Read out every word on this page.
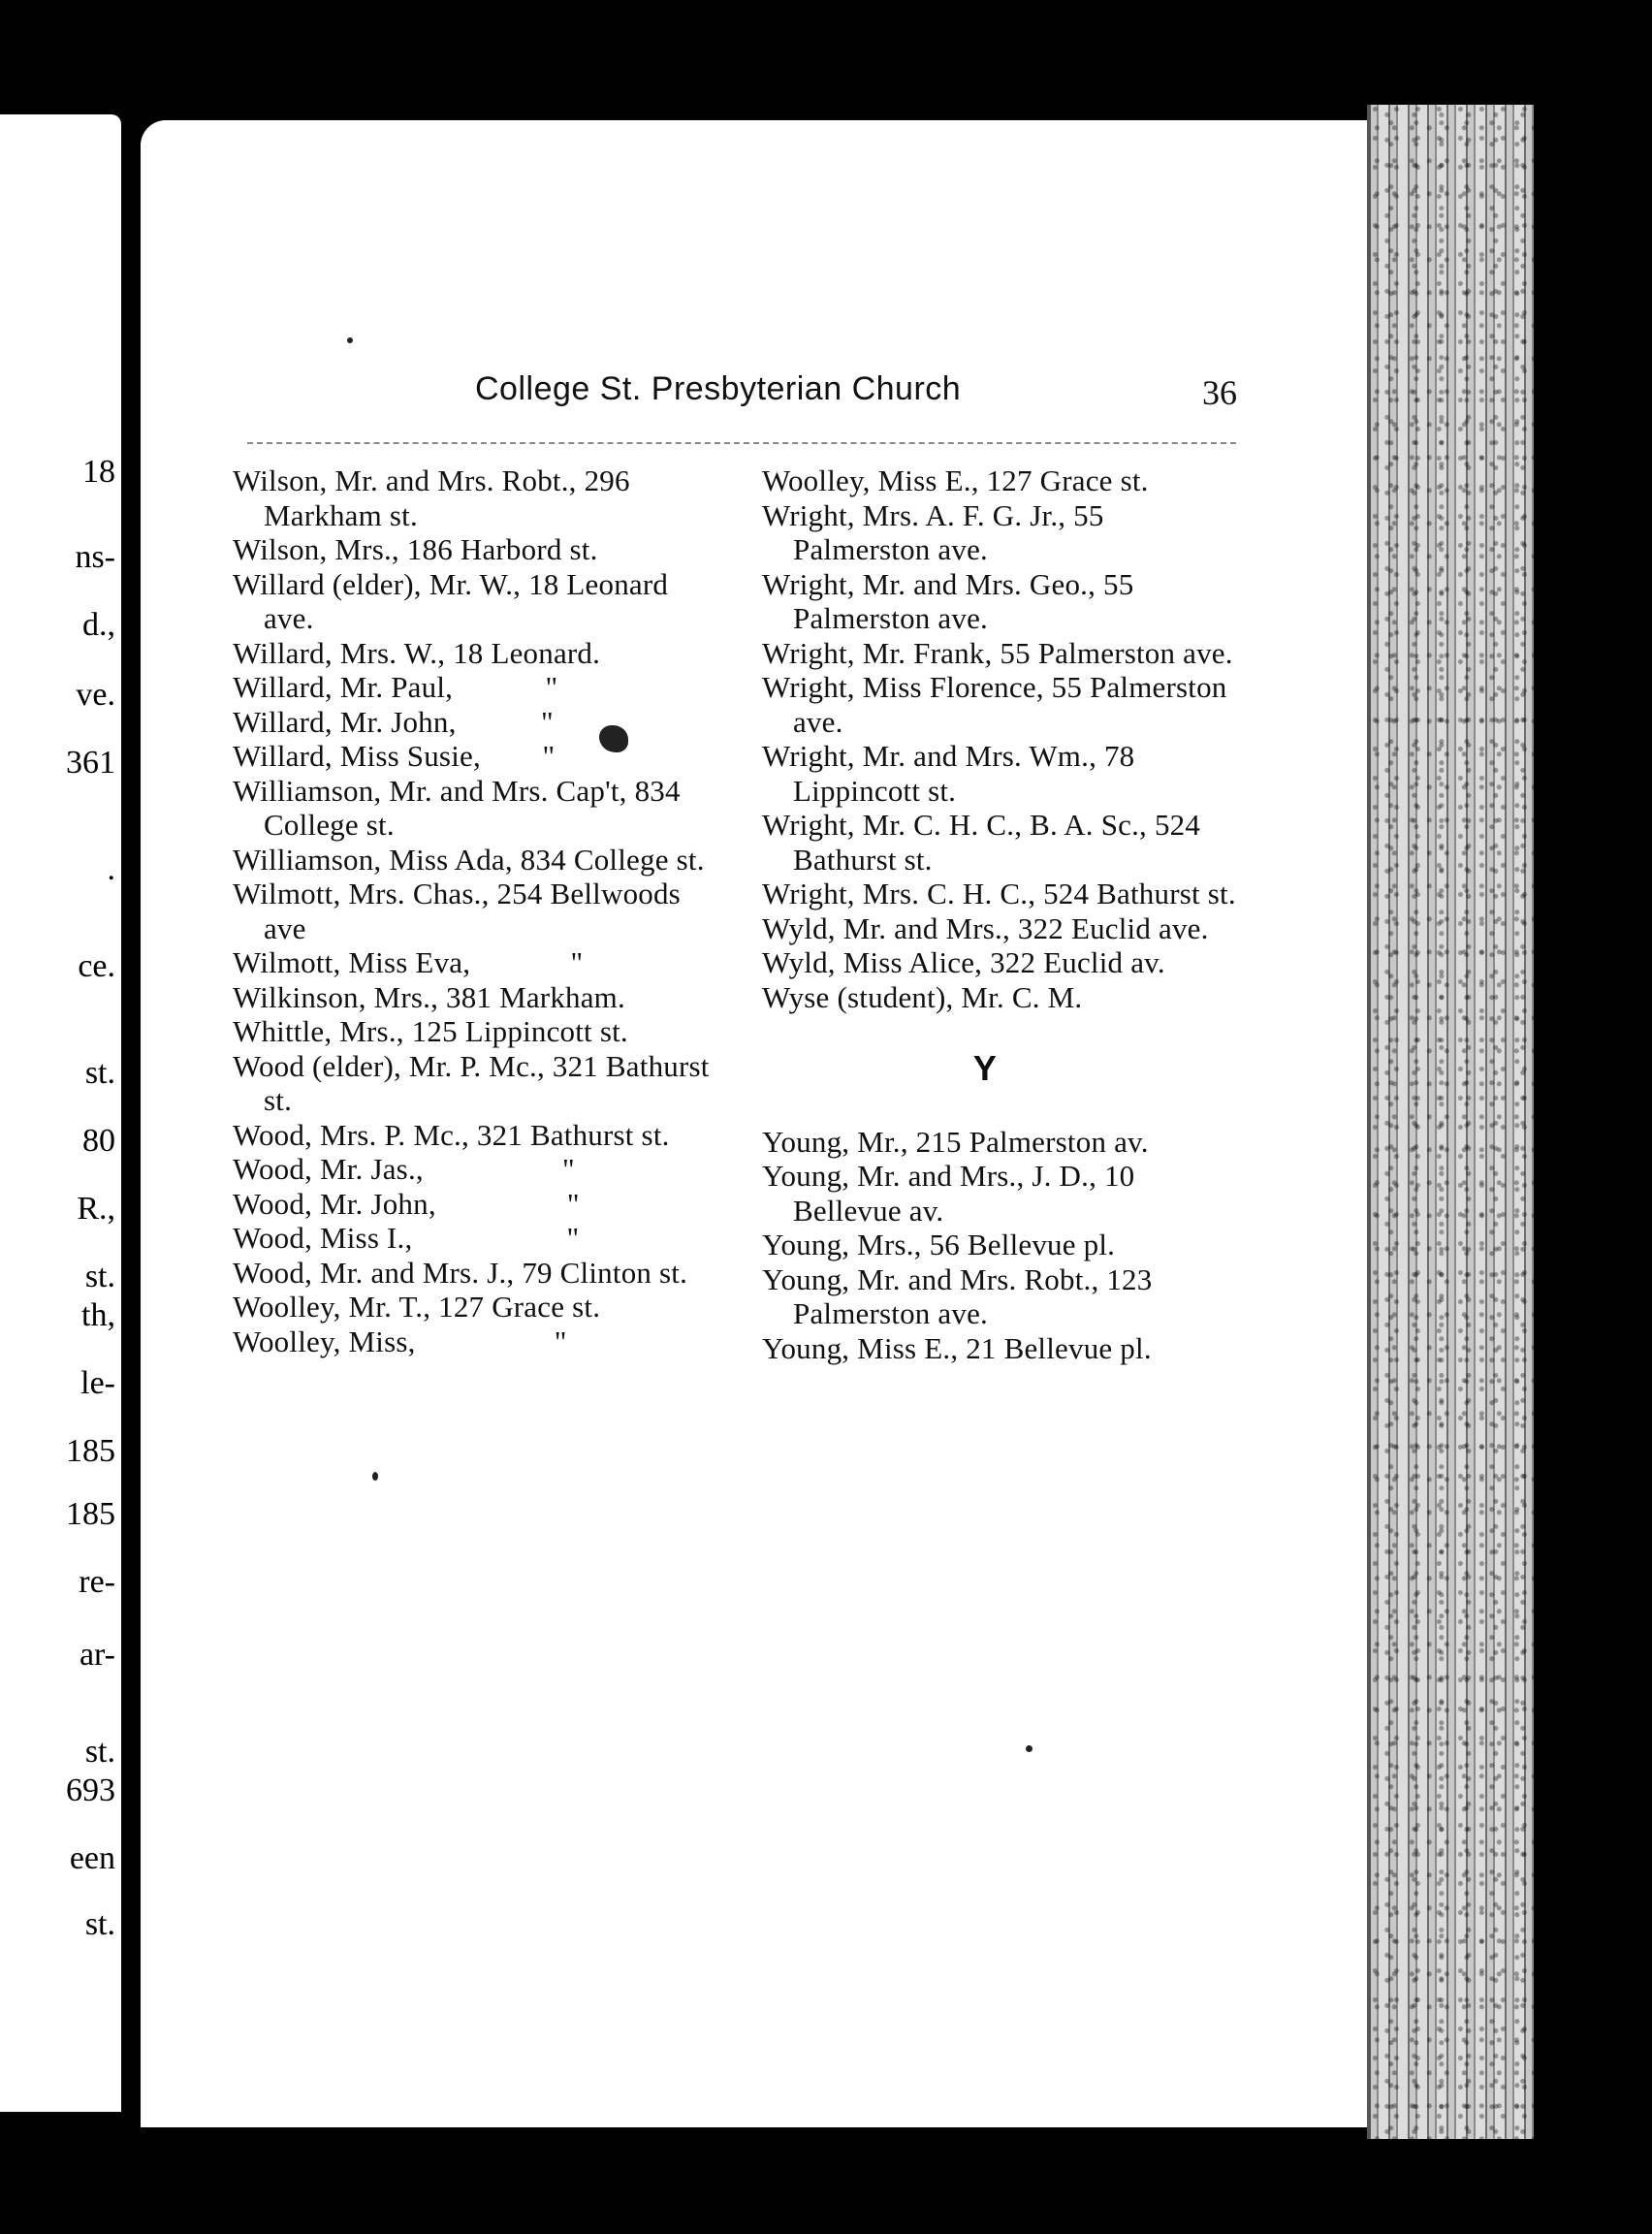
18
ns-
d.,
ve.
361
.
ce.
st.
80
R.,
st.
th,
le-
185
185
re-
ar-
st.
693
een
st.
College St. Presbyterian Church	36
Wilson, Mr. and Mrs. Robt., 296 Markham st.
Wilson, Mrs., 186 Harbord st.
Willard (elder), Mr. W., 18 Leonard ave.
Willard, Mrs. W., 18 Leonard.
Willard, Mr. Paul,            "
Willard, Mr. John,           "
Willard, Miss Susie,        "
Williamson, Mr. and Mrs. Cap't, 834 College st.
Williamson, Miss Ada, 834 College st.
Wilmott, Mrs. Chas., 254 Bellwoods ave
Wilmott, Miss Eva,             "
Wilkinson, Mrs., 381 Markham.
Whittle, Mrs., 125 Lippincott st.
Wood (elder), Mr. P. Mc., 321 Bathurst st.
Wood, Mrs. P. Mc., 321 Bathurst st.
Wood, Mr. Jas.,                  "
Wood, Mr. John,                 "
Wood, Miss I.,                    "
Wood, Mr. and Mrs. J., 79 Clinton st.
Woolley, Mr. T., 127 Grace st.
Woolley, Miss,                  "
Woolley, Miss E., 127 Grace st.
Wright, Mrs. A. F. G. Jr., 55 Palmerston ave.
Wright, Mr. and Mrs. Geo., 55 Palmerston ave.
Wright, Mr. Frank, 55 Palmerston ave.
Wright, Miss Florence, 55 Palmerston ave.
Wright, Mr. and Mrs. Wm., 78 Lippincott st.
Wright, Mr. C. H. C., B. A. Sc., 524 Bathurst st.
Wright, Mrs. C. H. C., 524 Bathurst st.
Wyld, Mr. and Mrs., 322 Euclid ave.
Wyld, Miss Alice, 322 Euclid av.
Wyse (student), Mr. C. M.
Y
Young, Mr., 215 Palmerston av.
Young, Mr. and Mrs., J. D., 10 Bellevue av.
Young, Mrs., 56 Bellevue pl.
Young, Mr. and Mrs. Robt., 123 Palmerston ave.
Young, Miss E., 21 Bellevue pl.
